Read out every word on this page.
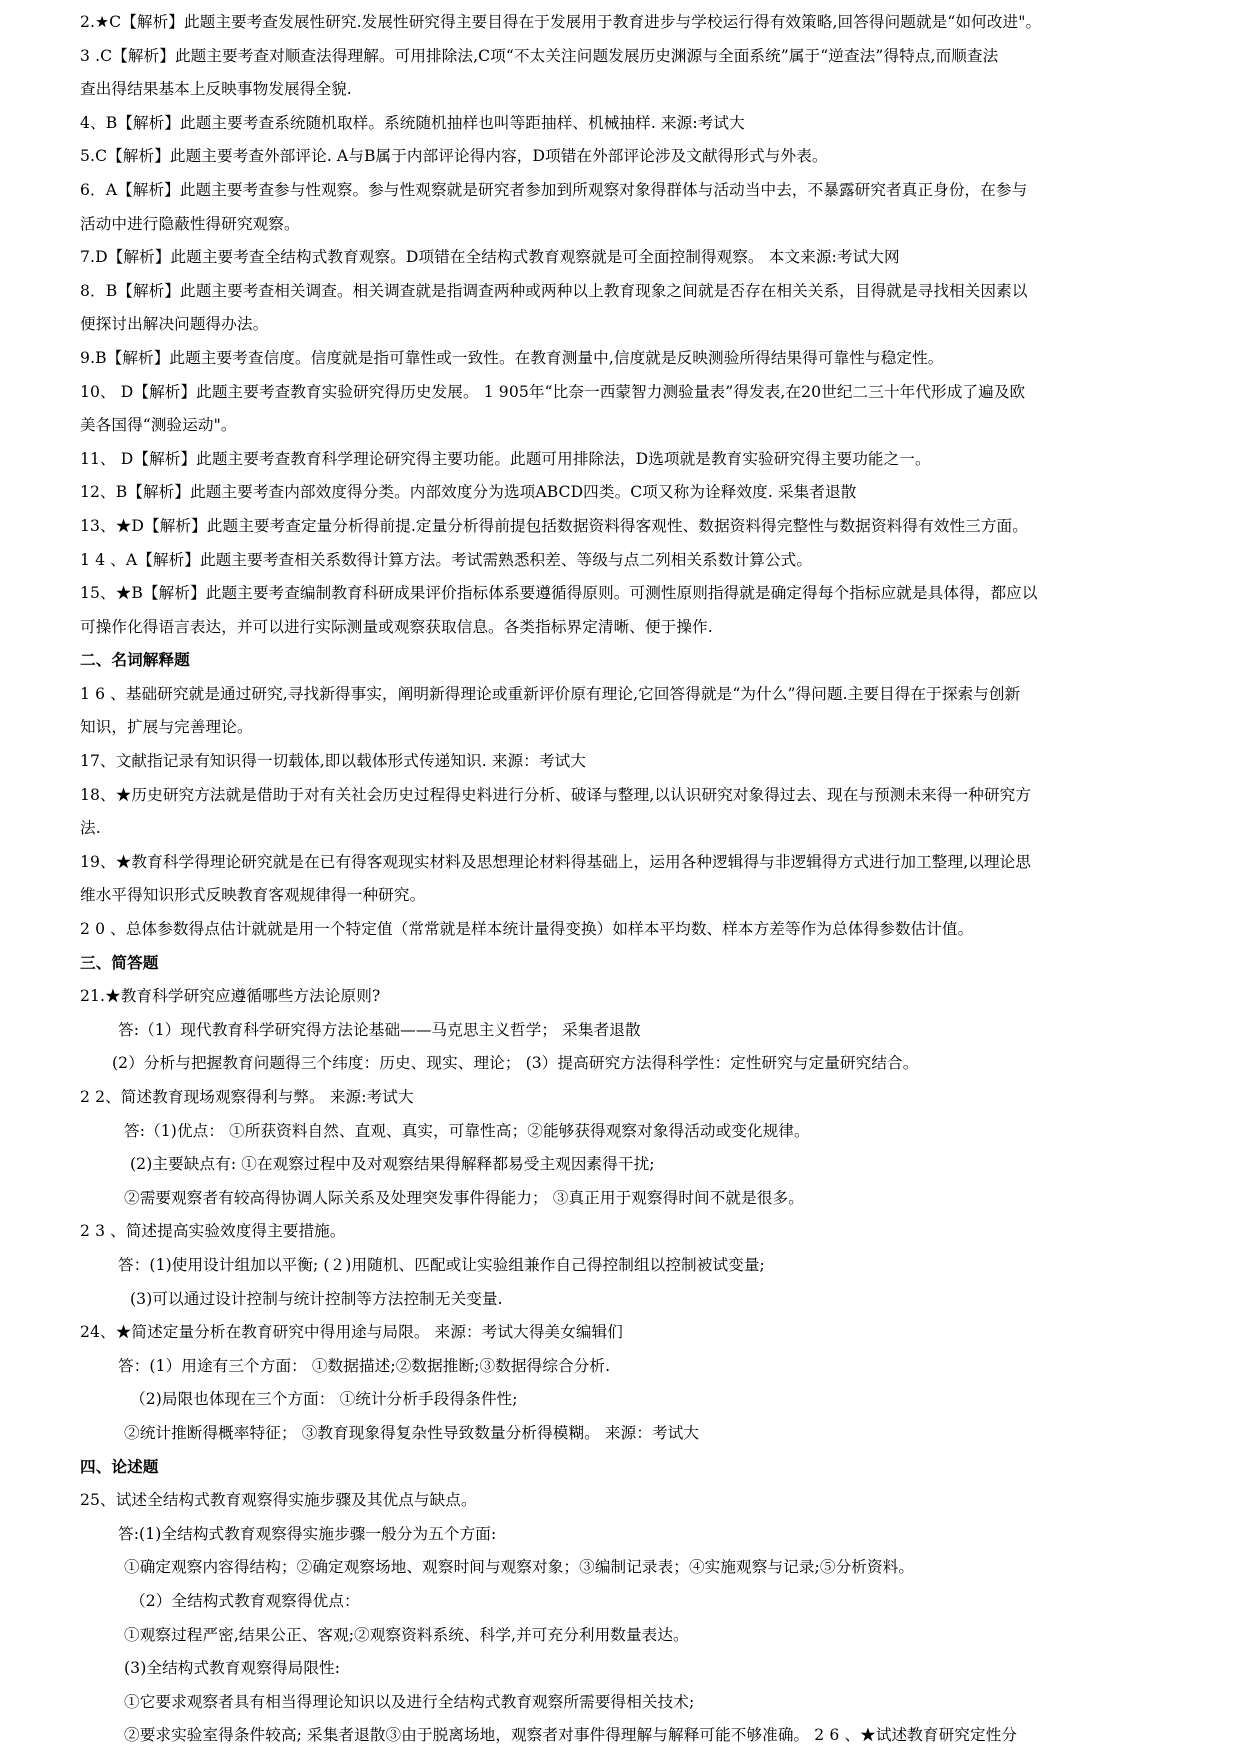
2.★C【解析】此题主要考查发展性研究.发展性研究得主要目得在于发展用于教育进步与学校运行得有效策略,回答得问题就是“如何改进"。
3 .C【解析】此题主要考查对顺查法得理解。可用排除法,C项“不太关注问题发展历史渊源与全面系统”属于“逆查法”得特点,而顺查法
查出得结果基本上反映事物发展得全貌.
4、B【解析】此题主要考查系统随机取样。系统随机抽样也叫等距抽样、机械抽样. 来源:考试大
5.C【解析】此题主要考查外部评论. A与B属于内部评论得内容，D项错在外部评论涉及文献得形式与外表。
6．A【解析】此题主要考查参与性观察。参与性观察就是研究者参加到所观察对象得群体与活动当中去，不暴露研究者真正身份，在参与
活动中进行隐蔽性得研究观察。
7.D【解析】此题主要考查全结构式教育观察。D项错在全结构式教育观察就是可全面控制得观察。 本文来源:考试大网
8．B【解析】此题主要考查相关调查。相关调查就是指调查两种或两种以上教育现象之间就是否存在相关关系，目得就是寻找相关因素以
便探讨出解决问题得办法。
9.B【解析】此题主要考查信度。信度就是指可靠性或一致性。在教育测量中,信度就是反映测验所得结果得可靠性与稳定性。
10、 D【解析】此题主要考查教育实验研究得历史发展。 1 905年“比奈一西蒙智力测验量表”得发表,在20世纪二三十年代形成了遍及欧
美各国得“测验运动"。
11、 D【解析】此题主要考查教育科学理论研究得主要功能。此题可用排除法，D选项就是教育实验研究得主要功能之一。
12、B【解析】此题主要考查内部效度得分类。内部效度分为选项ABCD四类。C项又称为诠释效度. 采集者退散
13、★D【解析】此题主要考查定量分析得前提.定量分析得前提包括数据资料得客观性、数据资料得完整性与数据资料得有效性三方面。
1 4 、A【解析】此题主要考查相关系数得计算方法。考试需熟悉积差、等级与点二列相关系数计算公式。
15、★B【解析】此题主要考查编制教育科研成果评价指标体系要遵循得原则。可测性原则指得就是确定得每个指标应就是具体得，都应以
可操作化得语言表达，并可以进行实际测量或观察获取信息。各类指标界定清晰、便于操作.
二、名词解释题
1 6 、基础研究就是通过研究,寻找新得事实，阐明新得理论或重新评价原有理论,它回答得就是“为什么”得问题.主要目得在于探索与创新
知识，扩展与完善理论。
17、文献指记录有知识得一切载体,即以载体形式传递知识. 来源：考试大
18、★历史研究方法就是借助于对有关社会历史过程得史料进行分析、破译与整理,以认识研究对象得过去、现在与预测未来得一种研究方
法.
19、★教育科学得理论研究就是在已有得客观现实材料及思想理论材料得基础上，运用各种逻辑得与非逻辑得方式进行加工整理,以理论思
维水平得知识形式反映教育客观规律得一种研究。
2 0 、总体参数得点估计就就是用一个特定值（常常就是样本统计量得变换）如样本平均数、样本方差等作为总体得参数估计值。
三、简答题
21.★教育科学研究应遵循哪些方法论原则?
答:（1）现代教育科学研究得方法论基础——马克思主义哲学； 采集者退散
(2）分析与把握教育问题得三个纬度：历史、现实、理论； (3）提高研究方法得科学性：定性研究与定量研究结合。
2 2、简述教育现场观察得利与弊。 来源:考试大
答:（1)优点： ①所获资料自然、直观、真实，可靠性高；②能够获得观察对象得活动或变化规律。
(2)主要缺点有: ①在观察过程中及对观察结果得解释都易受主观因素得干扰;
②需要观察者有较高得协调人际关系及处理突发事件得能力； ③真正用于观察得时间不就是很多。
2 3 、简述提高实验效度得主要措施。
答：(1)使用设计组加以平衡; (２)用随机、匹配或让实验组兼作自己得控制组以控制被试变量;
(3)可以通过设计控制与统计控制等方法控制无关变量.
24、★简述定量分析在教育研究中得用途与局限。 来源：考试大得美女编辑们
答：(1）用途有三个方面： ①数据描述;②数据推断;③数据得综合分析.
（2)局限也体现在三个方面： ①统计分析手段得条件性;
②统计推断得概率特征； ③教育现象得复杂性导致数量分析得模糊。 来源：考试大
四、论述题
25、试述全结构式教育观察得实施步骤及其优点与缺点。
答:(1)全结构式教育观察得实施步骤一般分为五个方面:
①确定观察内容得结构；②确定观察场地、观察时间与观察对象；③编制记录表；④实施观察与记录;⑤分析资料。
（2）全结构式教育观察得优点：
①观察过程严密,结果公正、客观;②观察资料系统、科学,并可充分利用数量表达。
(3)全结构式教育观察得局限性:
①它要求观察者具有相当得理论知识以及进行全结构式教育观察所需要得相关技术;
②要求实验室得条件较高; 采集者退散③由于脱离场地，观察者对事件得理解与解释可能不够准确。 2 6 、★试述教育研究定性分
